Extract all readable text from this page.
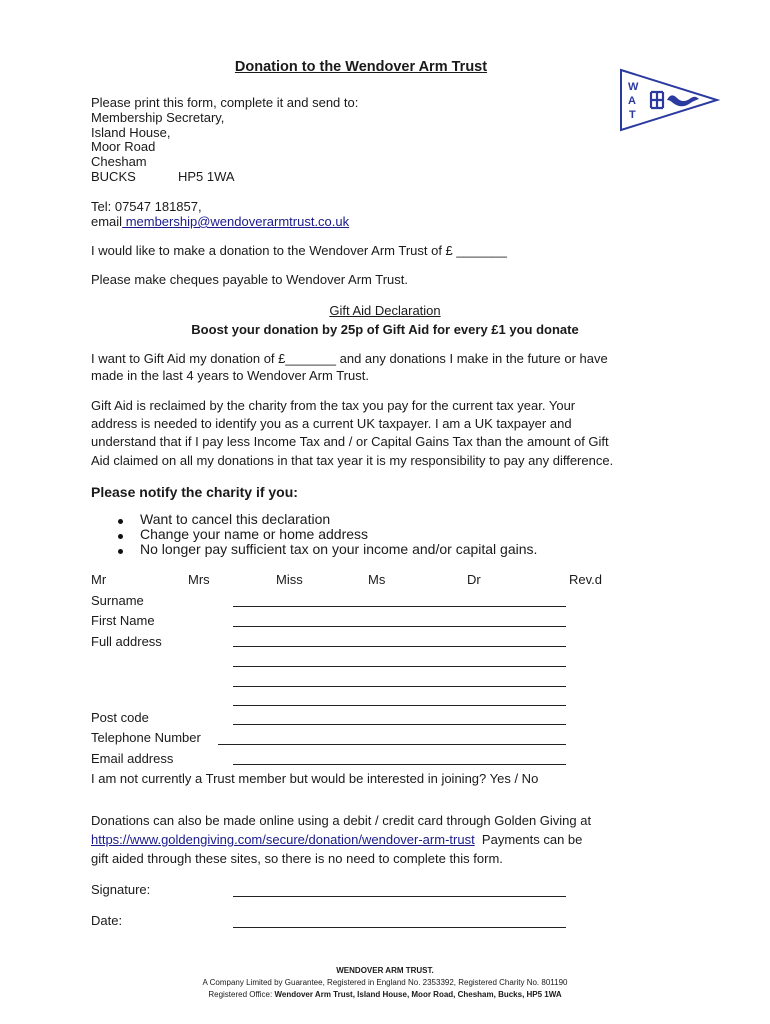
Donation to the Wendover Arm Trust
W
A
T
Please print this form, complete it and send to:
Membership Secretary,
Island House,
Moor Road
Chesham
BUCKS	HP5 1WA
Tel: 07547 181857,
email membership@wendoverarmtrust.co.uk
I would like to make a donation to the Wendover Arm Trust of £ _______
Please make cheques payable to Wendover Arm Trust.
Gift Aid Declaration
Boost your donation by 25p of Gift Aid for every £1 you donate
I want to Gift Aid my donation of £_______ and any donations I make in the future or have
made in the last 4 years to Wendover Arm Trust.
Gift Aid is reclaimed by the charity from the tax you pay for the current tax year. Your
address is needed to identify you as a current UK taxpayer. I am a UK taxpayer and
understand that if I pay less Income Tax and / or Capital Gains Tax than the amount of Gift
Aid claimed on all my donations in that tax year it is my responsibility to pay any difference.
Please notify the charity if you:
Want to cancel this declaration
Change your name or home address
No longer pay sufficient tax on your income and/or capital gains.
Mr	Mrs	Miss	Ms	Dr	Rev.d
Surname
First Name
Full address
Post code
Telephone Number
Email address
I am not currently a Trust member but would be interested in joining? Yes / No
Donations can also be made online using a debit / credit card through Golden Giving at
https://www.goldengiving.com/secure/donation/wendover-arm-trust Payments can be
gift aided through these sites, so there is no need to complete this form.
Signature:
Date:
WENDOVER ARM TRUST.
A Company Limited by Guarantee, Registered in England No. 2353392, Registered Charity No. 801190
Registered Office: Wendover Arm Trust, Island House, Moor Road, Chesham, Bucks, HP5 1WA
